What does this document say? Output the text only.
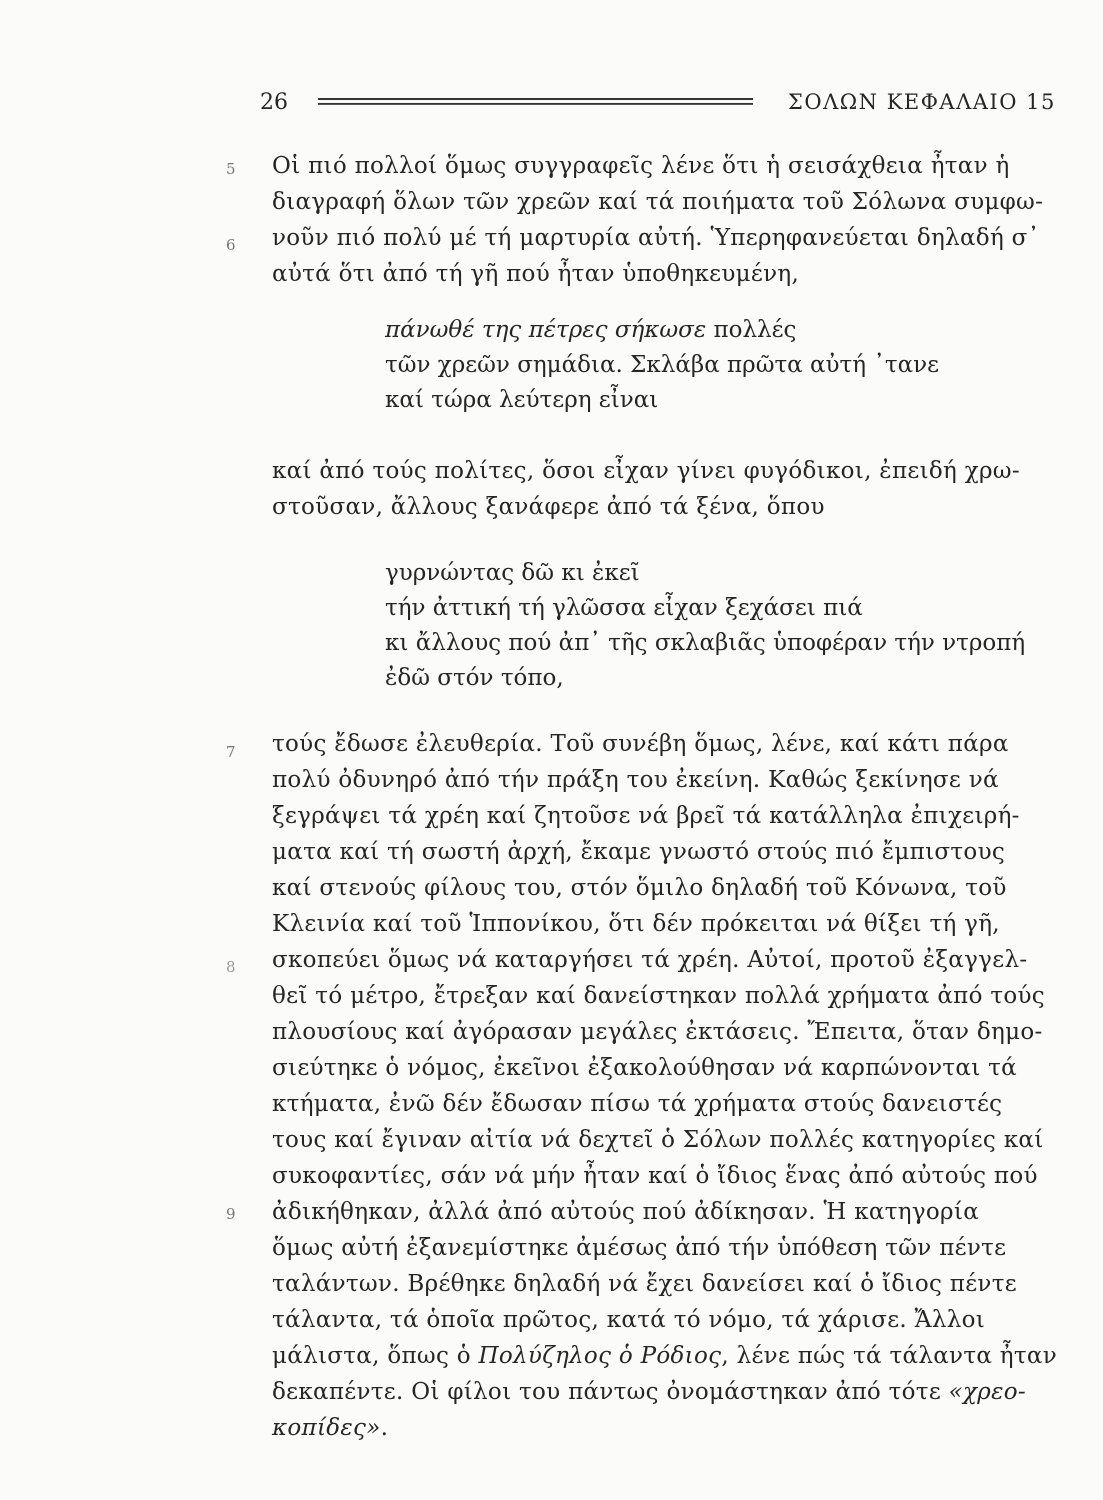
26	ΣΟΛΩΝ ΚΕΦΑΛΑΙΟ 15
5
6
7
8
9
Οἱ πιό πολλοί ὅμως συγγραφεῖς λένε ὅτι ἡ σεισάχθεια ἦταν ἡ
διαγραφή ὅλων τῶν χρεῶν καί τά ποιήματα τοῦ Σόλωνα συμφω-
νοῦν πιό πολύ μέ τή μαρτυρία αὐτή. Ὑπερηφανεύεται δηλαδή σ᾿
αὐτά ὅτι ἀπό τή γῆ πού ἦταν ὑποθηκευμένη,
πάνωθέ της πέτρες σήκωσε πολλές
τῶν χρεῶν σημάδια. Σκλάβα πρῶτα αὐτή ᾿τανε
καί τώρα λεύτερη εἶναι
καί ἀπό τούς πολίτες, ὅσοι εἶχαν γίνει φυγόδικοι, ἐπειδή χρω-
στοῦσαν, ἄλλους ξανάφερε ἀπό τά ξένα, ὅπου
γυρνώντας δῶ κι ἐκεῖ
τήν ἀττική τή γλῶσσα εἶχαν ξεχάσει πιά
κι ἄλλους πού ἀπ᾿ τῆς σκλαβιᾶς ὑποφέραν τήν ντροπή
ἐδῶ στόν τόπο,
τούς ἔδωσε ἐλευθερία. Τοῦ συνέβη ὅμως, λένε, καί κάτι πάρα
πολύ ὀδυνηρό ἀπό τήν πράξη του ἐκείνη. Καθώς ξεκίνησε νά
ξεγράψει τά χρέη καί ζητοῦσε νά βρεῖ τά κατάλληλα ἐπιχειρή-
ματα καί τή σωστή ἀρχή, ἔκαμε γνωστό στούς πιό ἔμπιστους
καί στενούς φίλους του, στόν ὅμιλο δηλαδή τοῦ Κόνωνα, τοῦ
Κλεινία καί τοῦ Ἱππονίκου, ὅτι δέν πρόκειται νά θίξει τή γῆ,
σκοπεύει ὅμως νά καταργήσει τά χρέη. Αὐτοί, προτοῦ ἐξαγγελ-
θεῖ τό μέτρο, ἔτρεξαν καί δανείστηκαν πολλά χρήματα ἀπό τούς
πλουσίους καί ἀγόρασαν μεγάλες ἐκτάσεις. Ἔπειτα, ὅταν δημο-
σιεύτηκε ὁ νόμος, ἐκεῖνοι ἐξακολούθησαν νά καρπώνονται τά
κτήματα, ἐνῶ δέν ἔδωσαν πίσω τά χρήματα στούς δανειστές
τους καί ἔγιναν αἰτία νά δεχτεῖ ὁ Σόλων πολλές κατηγορίες καί
συκοφαντίες, σάν νά μήν ἦταν καί ὁ ἴδιος ἕνας ἀπό αὐτούς πού
ἀδικήθηκαν, ἀλλά ἀπό αὐτούς πού ἀδίκησαν. Ἡ κατηγορία
ὅμως αὐτή ἐξανεμίστηκε ἀμέσως ἀπό τήν ὑπόθεση τῶν πέντε
ταλάντων. Βρέθηκε δηλαδή νά ἔχει δανείσει καί ὁ ἴδιος πέντε
τάλαντα, τά ὁποῖα πρῶτος, κατά τό νόμο, τά χάρισε. Ἄλλοι
μάλιστα, ὅπως ὁ Πολύζηλος ὁ Ρόδιος, λένε πώς τά τάλαντα ἦταν
δεκαπέντε. Οἱ φίλοι του πάντως ὀνομάστηκαν ἀπό τότε «χρεο-
κοπίδες».
